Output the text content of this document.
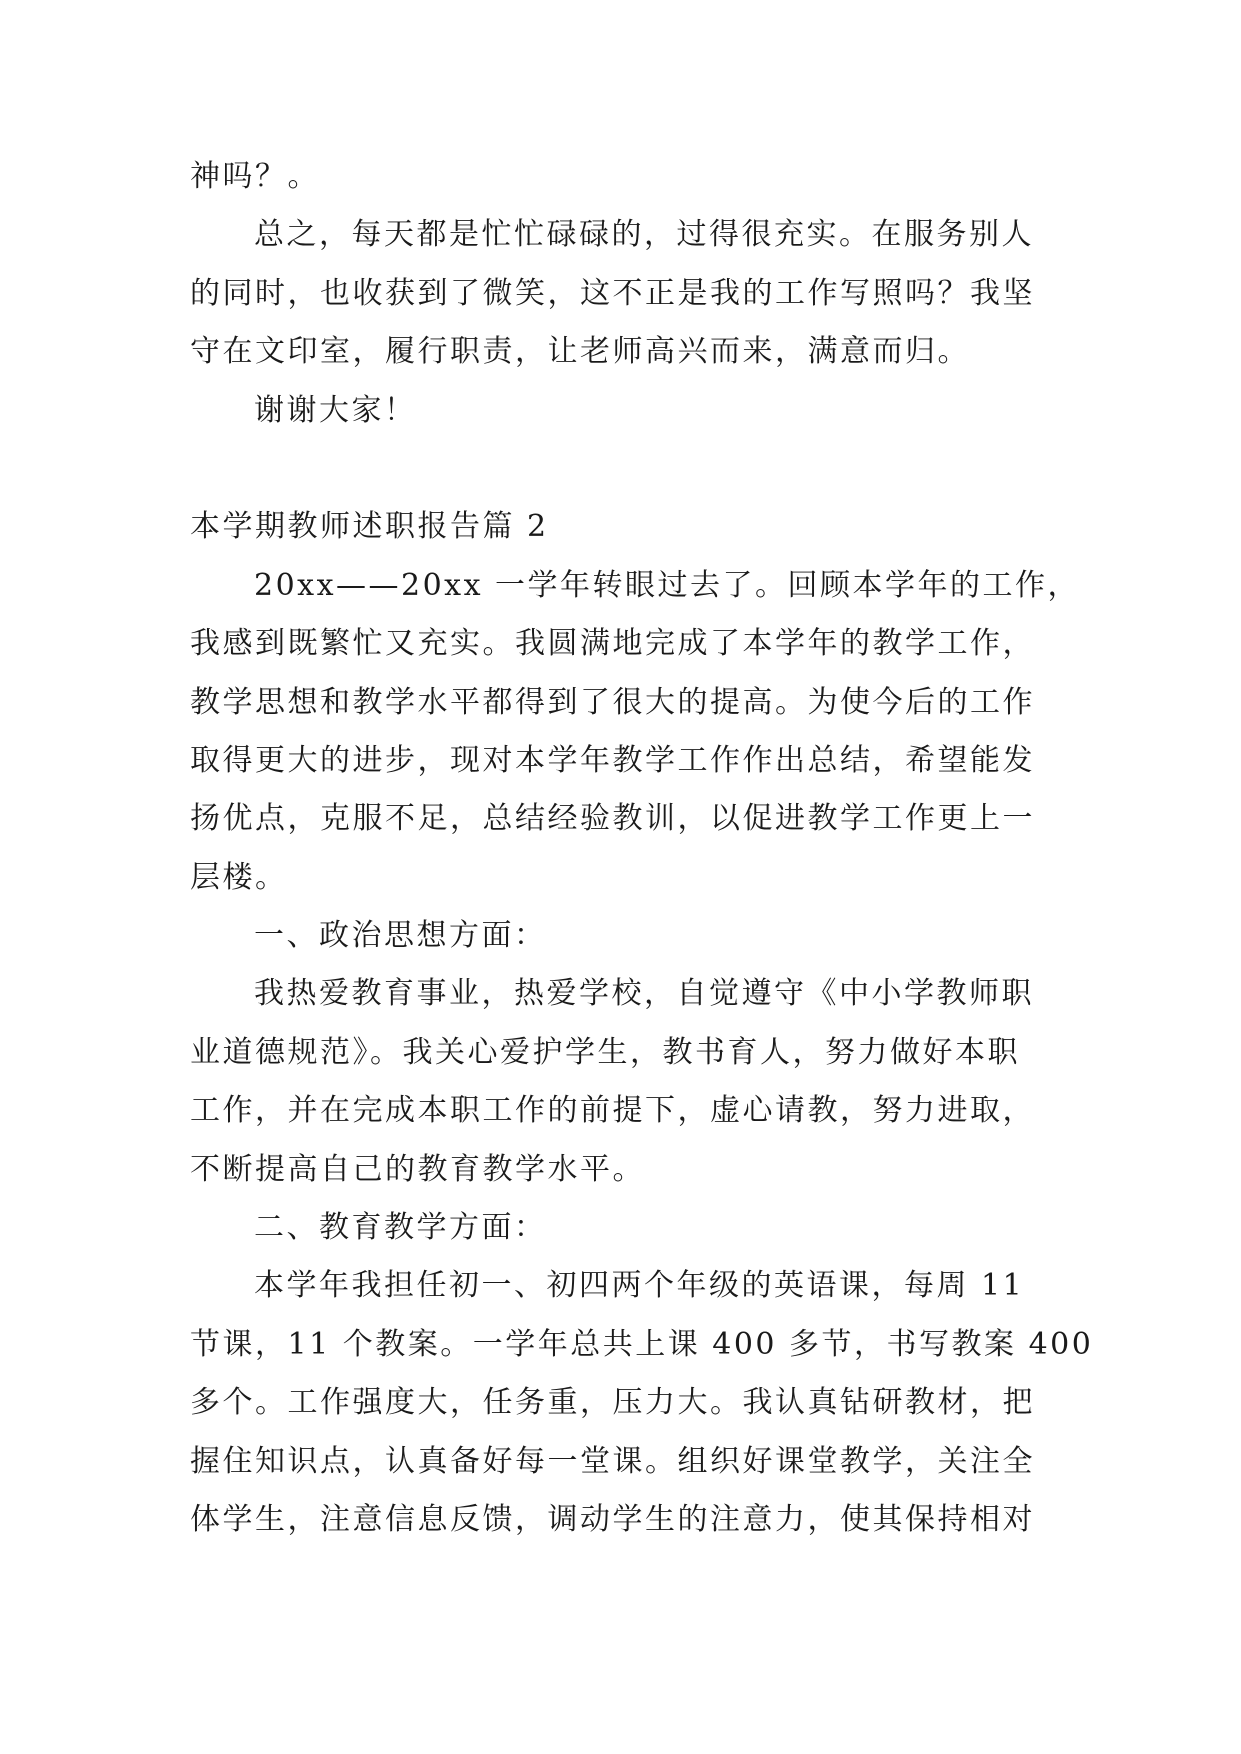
神吗？。
总之，每天都是忙忙碌碌的，过得很充实。在服务别人
的同时，也收获到了微笑，这不正是我的工作写照吗？我坚
守在文印室，履行职责，让老师高兴而来，满意而归。
谢谢大家！
本学期教师述职报告篇 2
20xx——20xx 一学年转眼过去了。回顾本学年的工作，
我感到既繁忙又充实。我圆满地完成了本学年的教学工作，
教学思想和教学水平都得到了很大的提高。为使今后的工作
取得更大的进步，现对本学年教学工作作出总结，希望能发
扬优点，克服不足，总结经验教训，以促进教学工作更上一
层楼。
一、政治思想方面：
我热爱教育事业，热爱学校，自觉遵守《中小学教师职
业道德规范》。我关心爱护学生，教书育人，努力做好本职
工作，并在完成本职工作的前提下，虚心请教，努力进取，
不断提高自己的教育教学水平。
二、教育教学方面：
本学年我担任初一、初四两个年级的英语课，每周 11
节课，11 个教案。一学年总共上课 400 多节，书写教案 400
多个。工作强度大，任务重，压力大。我认真钻研教材，把
握住知识点，认真备好每一堂课。组织好课堂教学，关注全
体学生，注意信息反馈，调动学生的注意力，使其保持相对
